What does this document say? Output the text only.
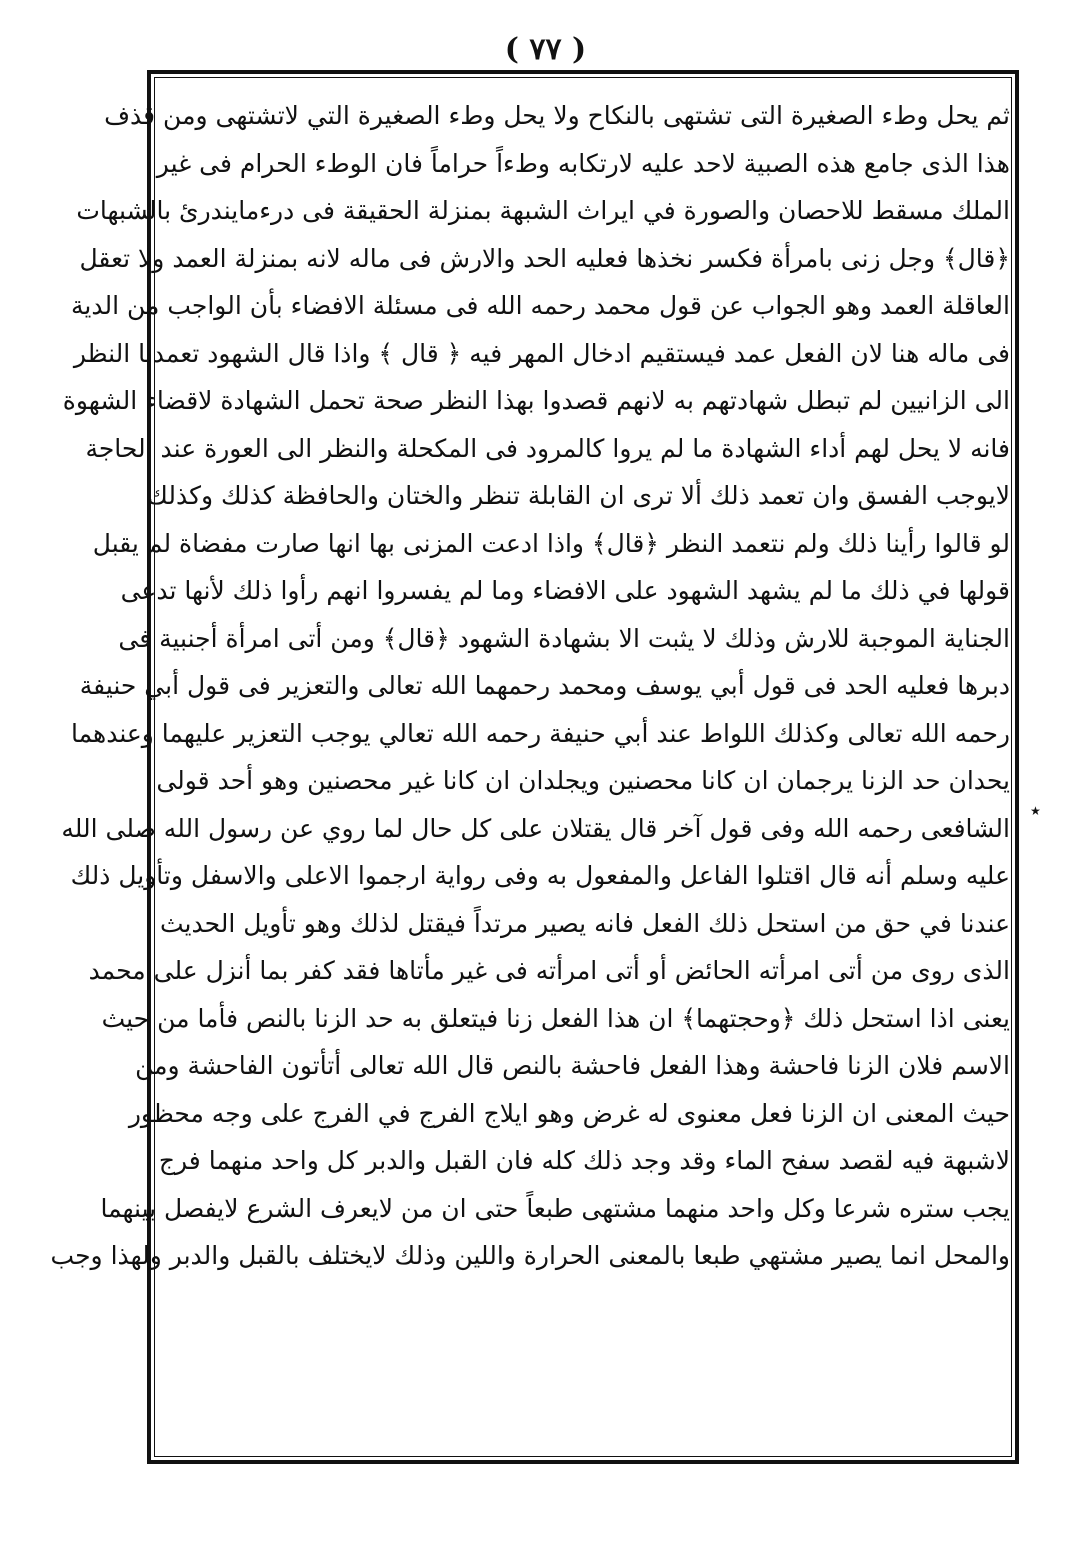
( ٧٧ )
ثم يحل وطء الصغيرة التى تشتهى بالنكاح ولا يحل وطء الصغيرة التي لاتشتهى ومن قذف
هذا الذى جامع هذه الصبية لاحد عليه لارتكابه وطءاً حراماً فان الوطء الحرام فى غير
الملك مسقط للاحصان والصورة في ايراث الشبهة بمنزلة الحقيقة فى درءمايندرئ بالشبهات
﴿قال﴾ وجل زنى بامرأة فكسر نخذها فعليه الحد والارش فى ماله لانه بمنزلة العمد ولا تعقل
العاقلة العمد وهو الجواب عن قول محمد رحمه الله فى مسئلة الافضاء بأن الواجب من الدية
فى ماله هنا لان الفعل عمد فيستقيم ادخال المهر فيه ﴿ قال ﴾ واذا قال الشهود تعمدنا النظر
الى الزانيين لم تبطل شهادتهم به لانهم قصدوا بهذا النظر صحة تحمل الشهادة لاقضاء الشهوة
فانه لا يحل لهم أداء الشهادة ما لم يروا كالمرود فى المكحلة والنظر الى العورة عند الحاجة
لايوجب الفسق وان تعمد ذلك ألا ترى ان القابلة تنظر والختان والحافظة كذلك وكذلك
لو قالوا رأينا ذلك ولم نتعمد النظر ﴿قال﴾ واذا ادعت المزنى بها انها صارت مفضاة لم يقبل
قولها في ذلك ما لم يشهد الشهود على الافضاء وما لم يفسروا انهم رأوا ذلك لأنها تدعى
الجناية الموجبة للارش وذلك لا يثبت الا بشهادة الشهود ﴿قال﴾ ومن أتى امرأة أجنبية فى
دبرها فعليه الحد فى قول أبي يوسف ومحمد رحمهما الله تعالى والتعزير فى قول أبي حنيفة
رحمه الله تعالى وكذلك اللواط عند أبي حنيفة رحمه الله تعالي يوجب التعزير عليهما وعندهما
يحدان حد الزنا يرجمان ان كانا محصنين ويجلدان ان كانا غير محصنين وهو أحد قولى
الشافعى رحمه الله وفى قول آخر قال يقتلان على كل حال لما روي عن رسول الله صلى الله
عليه وسلم أنه قال اقتلوا الفاعل والمفعول به وفى رواية ارجموا الاعلى والاسفل وتأويل ذلك
عندنا في حق من استحل ذلك الفعل فانه يصير مرتداً فيقتل لذلك وهو تأويل الحديث
الذى روى من أتى امرأته الحائض أو أتى امرأته فى غير مأتاها فقد كفر بما أنزل على محمد
يعنى اذا استحل ذلك ﴿وحجتهما﴾ ان هذا الفعل زنا فيتعلق به حد الزنا بالنص فأما من حيث
الاسم فلان الزنا فاحشة وهذا الفعل فاحشة بالنص قال الله تعالى أتأتون الفاحشة ومن
حيث المعنى ان الزنا فعل معنوى له غرض وهو ايلاج الفرج في الفرج على وجه محظور
لاشبهة فيه لقصد سفح الماء وقد وجد ذلك كله فان القبل والدبر كل واحد منهما فرج
يجب ستره شرعا وكل واحد منهما مشتهى طبعاً حتى ان من لايعرف الشرع لايفصل بينهما
والمحل انما يصير مشتهي طبعا بالمعنى الحرارة واللين وذلك لايختلف بالقبل والدبر ولهذا وجب
٭
